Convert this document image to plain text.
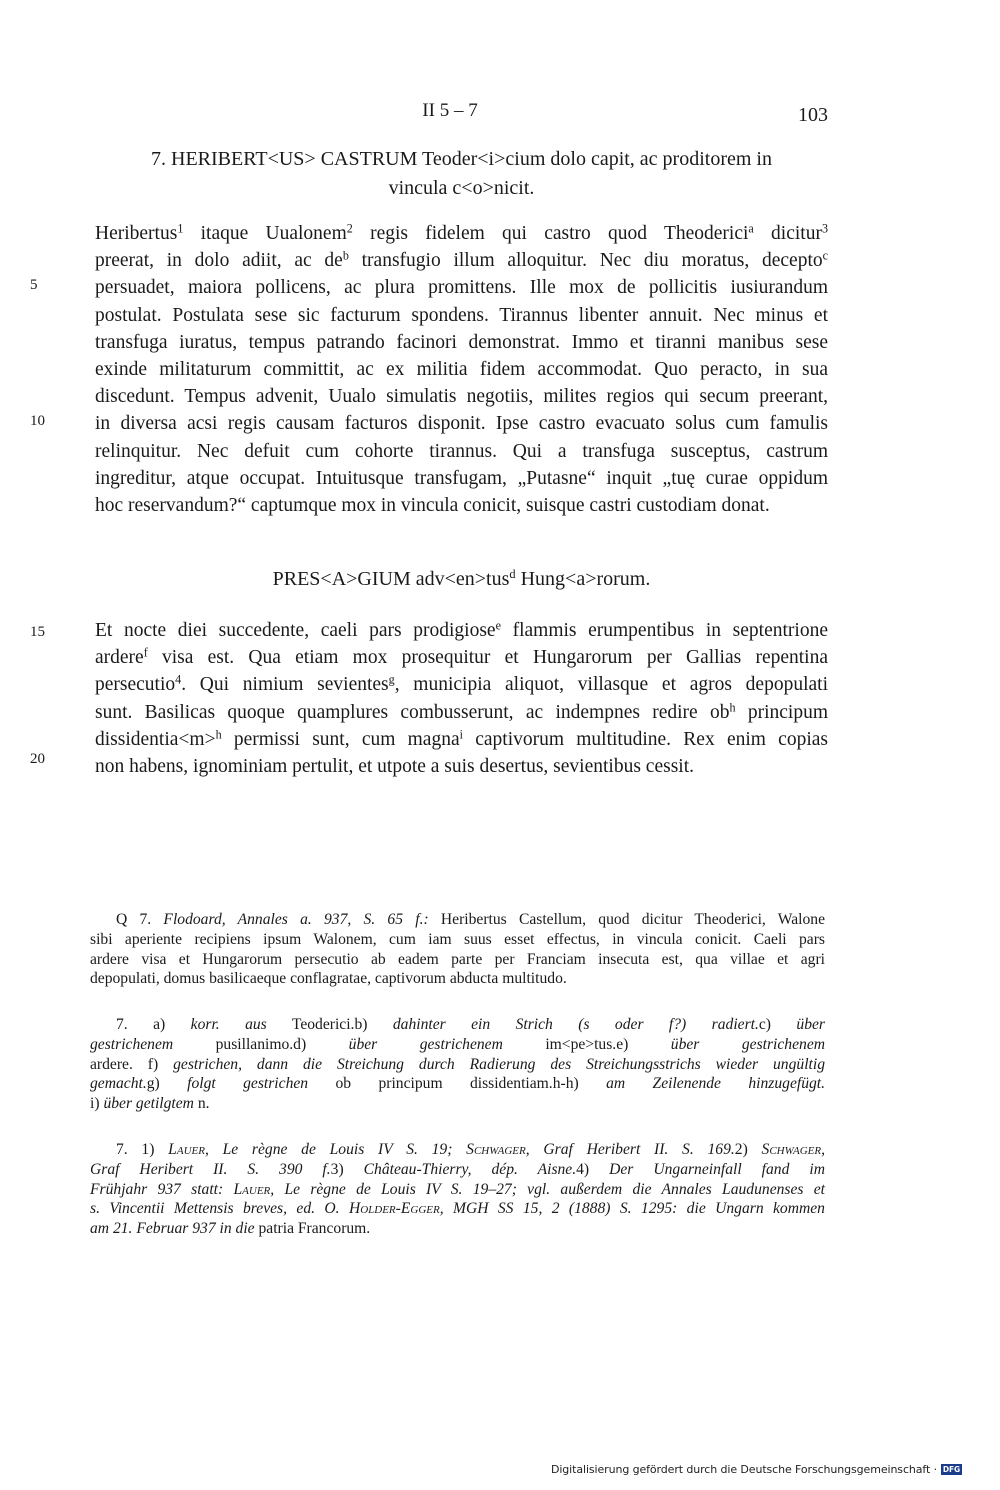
II 5 – 7	103
7. HERIBERT<US> CASTRUM Teoder<i>cium dolo capit, ac proditorem in
vincula c<o>nicit.
Heribertus$^1$ itaque Uualonem$^2$ regis fidelem qui castro quod Theoderici$^a$ dicitur$^3$
preerat, in dolo adiit, ac $de^b$ transfugio illum alloquitur. Nec diu moratus, decepto$^c$
persuadet, maiora pollicens, ac plura promittens. Ille mox de pollicitis iusiurandum
postulat. Postulata sese sic facturum spondens. Tirannus libenter annuit. Nec minus et
transfuga iuratus, tempus patrando facinori demonstrat. Immo et tiranni manibus sese
exinde militaturum committit, ac ex militia fidem accommodat. Quo peracto, in sua
discedunt. Tempus advenit, Uualo simulatis negotiis, milites regios qui secum preerant,
in diversa acsi regis causam facturos disponit. Ipse castro evacuato solus cum famulis
relinquitur. Nec defuit cum cohorte tirannus. Qui a transfuga susceptus, castrum
ingreditur, atque occupat. Intuitusque transfugam, „Putasne“ inquit „tuę curae oppidum
hoc reservandum?“ captumque mox in vincula conicit, suisque castri custodiam donat.
PRES<A>GIUM adv<en>tus$^d$ Hung<a>rorum.
Et nocte diei succedente, caeli pars prodigiose$^e$ flammis erumpentibus in septentrione
ardere$^f$ visa est. Qua etiam mox prosequitur et Hungarorum per Gallias repentina
persecutio$^4$. Qui nimium sevientes$^g$, municipia aliquot, villasque et agros depopulati
sunt. Basilicas quoque quamplures combusserunt, ac indempnes redire $ob^h$ principum
dissidentia<m>$^h$ permissi sunt, cum magna$^i$ captivorum multitudine. Rex enim copias
non habens, ignominiam pertulit, et utpote a suis desertus, sevientibus cessit.
5
10
15
20
Q 7. Flodoard, Annales a. 937, S. 65 f.: Heribertus Castellum, quod dicitur Theoderici, Walone
sibi aperiente recipiens ipsum Walonem, cum iam suus esset effectus, in vincula conicit. Caeli pars
ardere visa et Hungarorum persecutio ab eadem parte per Franciam insecuta est, qua villae et agri
depopulati, domus basilicaeque conflagratae, captivorum abducta multitudo.
7. a) korr. aus Teoderici.b) dahinter ein Strich (s oder f?) radiert.c) über
gestrichenem pusillanimo.d)	über gestrichenem im<pe>tus.e)	über gestrichenem
ardere. f) gestrichen, dann die Streichung durch Radierung des Streichungsstrichs wieder ungültig
gemacht.g) folgt gestrichen ob principum dissidentiam.h-h) am Zeilenende hinzugefügt.
i) über getilgtem n.
7. 1) Lauer, Le règne de Louis IV S. 19; Schwager, Graf Heribert II. S. 169.2) Schwager,
Graf Heribert II. S. 390 f.3) Château-Thierry, dép. Aisne.4) Der Ungarneinfall fand im
Frühjahr 937 statt: Lauer, Le règne de Louis IV S. 19–27; vgl. außerdem die Annales Laudunenses et
s. Vincentii Mettensis breves, ed. O. Holder-Egger, MGH SS 15, 2 (1888) S. 1295: die Ungarn kommen
am 21. Februar 937 in die patria Francorum.
Digitalisierung gefördert durch die Deutsche Forschungsgemeinschaft · DFG
